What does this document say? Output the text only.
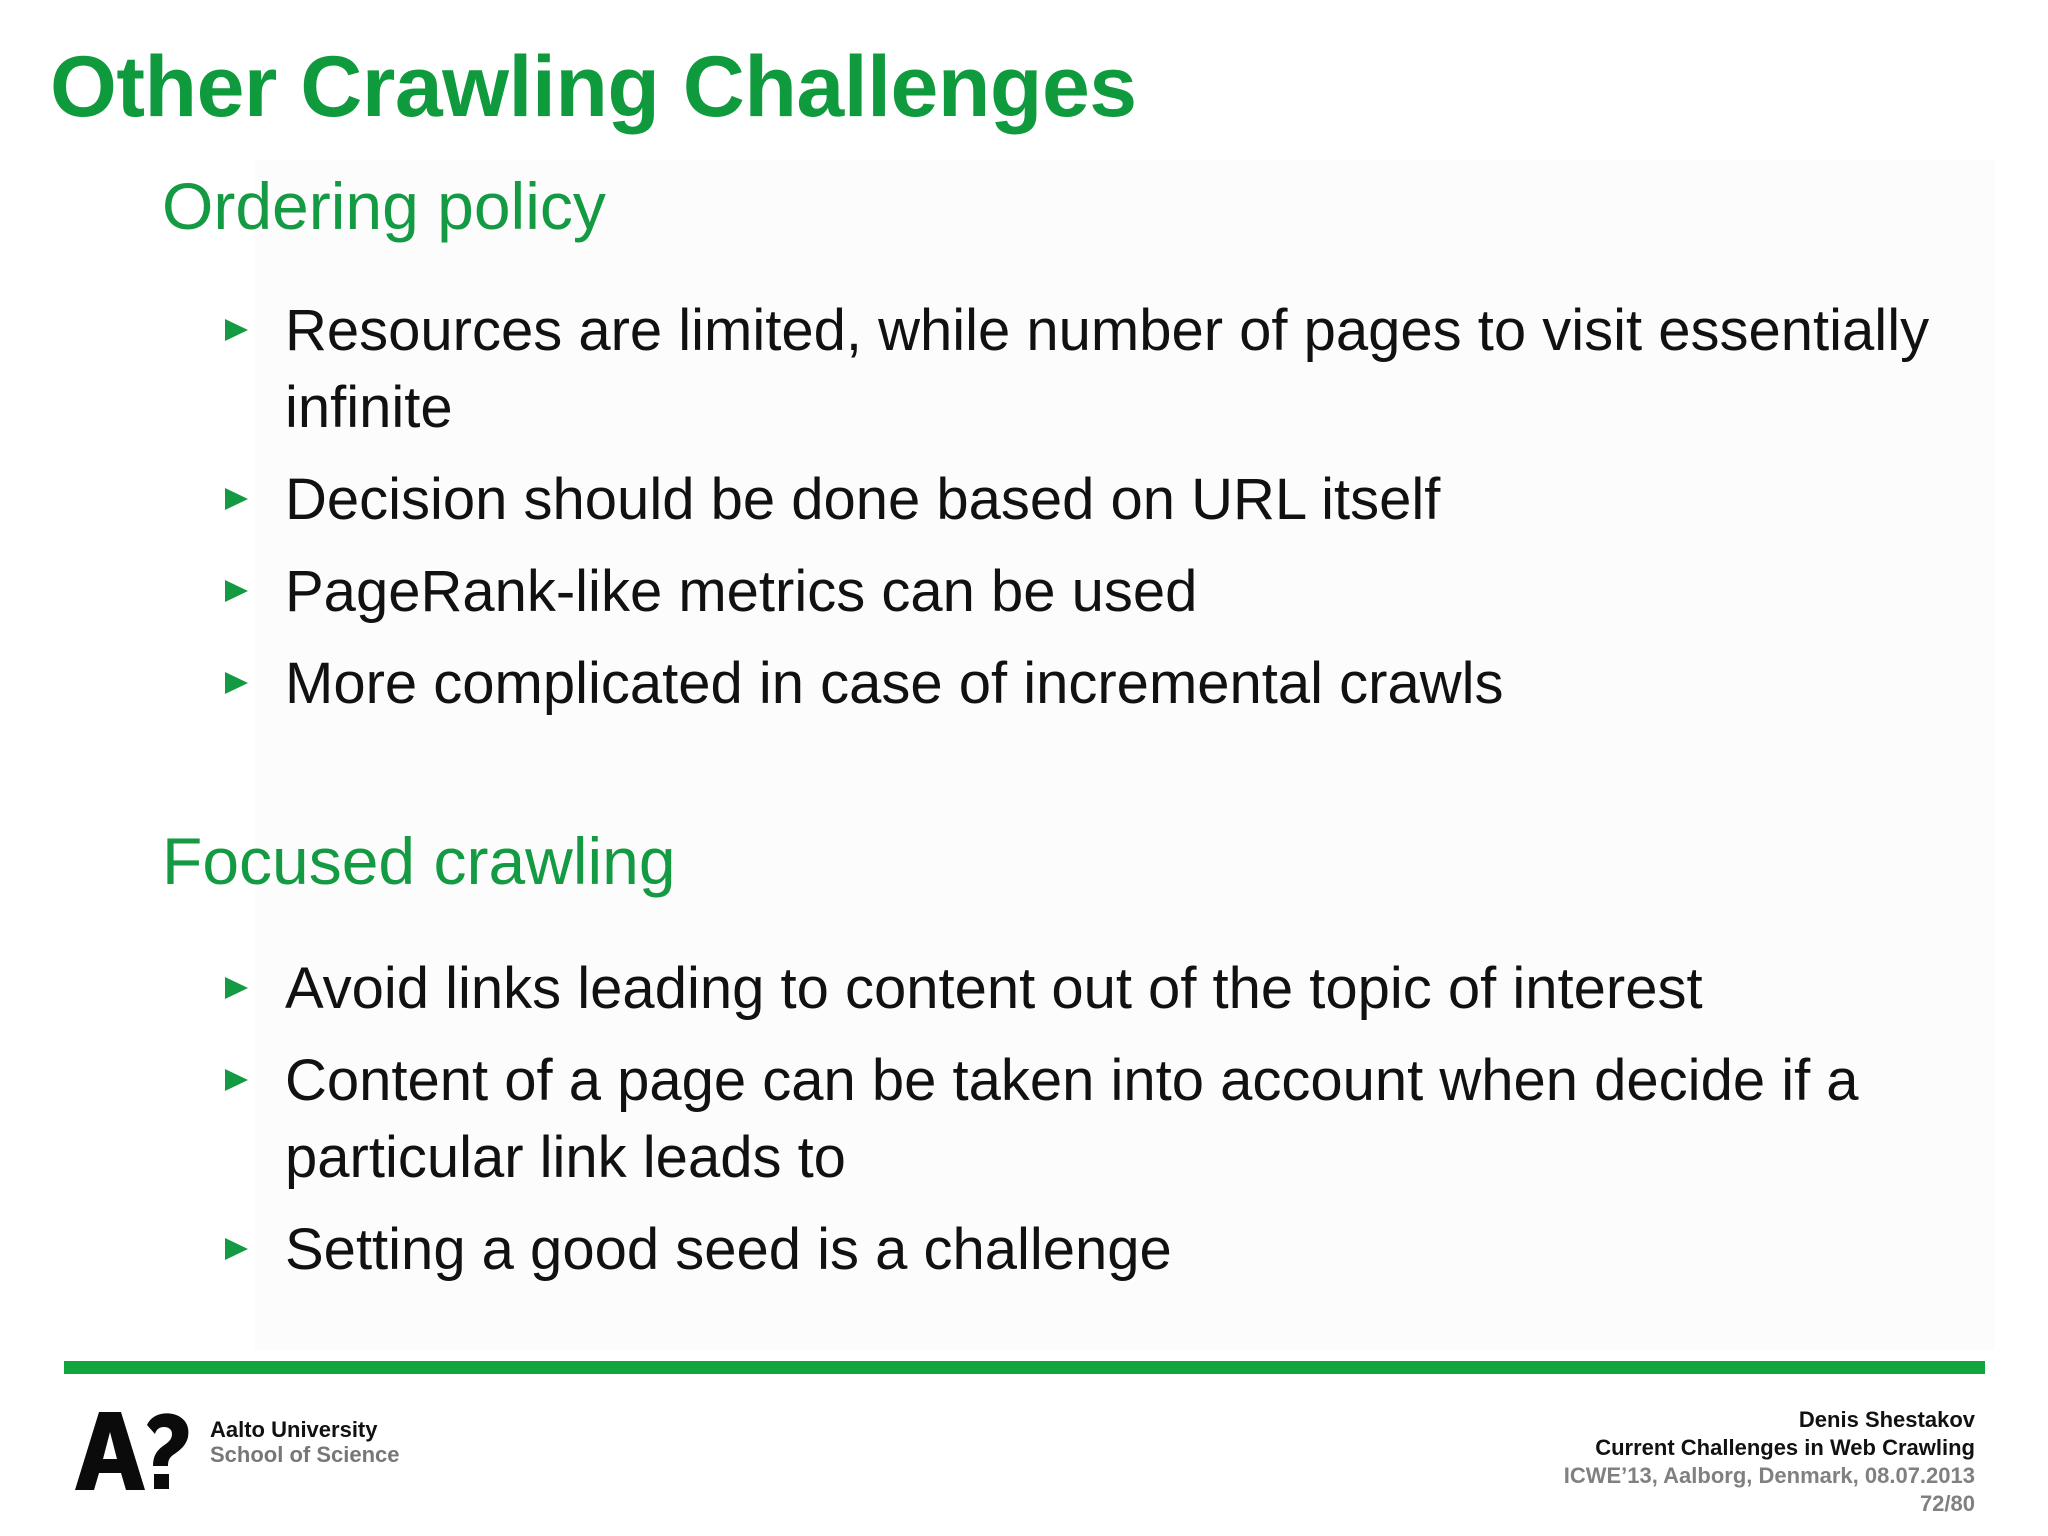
Other Crawling Challenges
Ordering policy
Resources are limited, while number of pages to visit essentially infinite
Decision should be done based on URL itself
PageRank-like metrics can be used
More complicated in case of incremental crawls
Focused crawling
Avoid links leading to content out of the topic of interest
Content of a page can be taken into account when decide if a particular link leads to
Setting a good seed is a challenge
Aalto University
School of Science
Denis Shestakov
Current Challenges in Web Crawling
ICWE’13, Aalborg, Denmark, 08.07.2013
72/80
